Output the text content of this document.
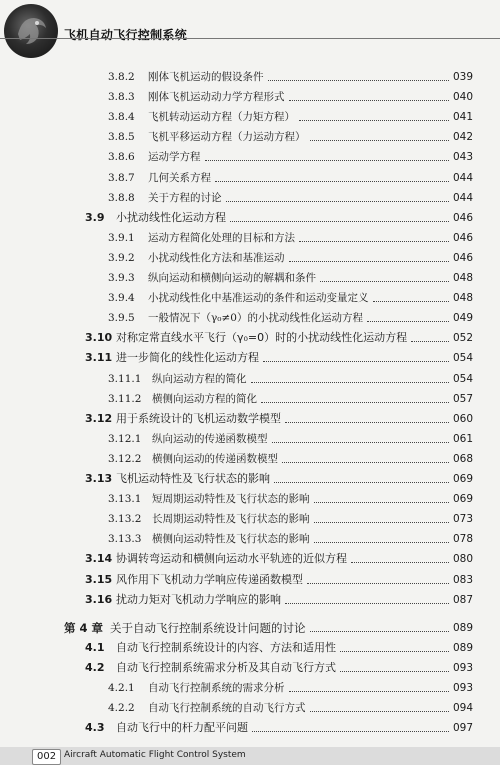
飞机自动飞行控制系统
3.8.2 刚体飞机运动的假设条件	039
3.8.3 刚体飞机运动动力学方程形式	040
3.8.4 飞机转动运动方程（力矩方程）	041
3.8.5 飞机平移运动方程（力运动方程）	042
3.8.6 运动学方程	043
3.8.7 几何关系方程	044
3.8.8 关于方程的讨论	044
3.9 小扰动线性化运动方程	046
3.9.1 运动方程简化处理的目标和方法	046
3.9.2 小扰动线性化方法和基准运动	046
3.9.3 纵向运动和横侧向运动的解耦和条件	048
3.9.4 小扰动线性化中基准运动的条件和运动变量定义	048
3.9.5 一般情况下（γ₀≠0）的小扰动线性化运动方程	049
3.10 对称定常直线水平飞行（γ₀=0）时的小扰动线性化运动方程	052
3.11 进一步简化的线性化运动方程	054
3.11.1 纵向运动方程的简化	054
3.11.2 横侧向运动方程的简化	057
3.12 用于系统设计的飞机运动数学模型	060
3.12.1 纵向运动的传递函数模型	061
3.12.2 横侧向运动的传递函数模型	068
3.13 飞机运动特性及飞行状态的影响	069
3.13.1 短周期运动特性及飞行状态的影响	069
3.13.2 长周期运动特性及飞行状态的影响	073
3.13.3 横侧向运动特性及飞行状态的影响	078
3.14 协调转弯运动和横侧向运动水平轨迹的近似方程	080
3.15 风作用下飞机动力学响应传递函数模型	083
3.16 扰动力矩对飞机动力学响应的影响	087
第 4 章 关于自动飞行控制系统设计问题的讨论	089
4.1 自动飞行控制系统设计的内容、方法和适用性	089
4.2 自动飞行控制系统需求分析及其自动飞行方式	093
4.2.1 自动飞行控制系统的需求分析	093
4.2.2 自动飞行控制系统的自动飞行方式	094
4.3 自动飞行中的杆力配平问题	097
002 Aircraft Automatic Flight Control System
